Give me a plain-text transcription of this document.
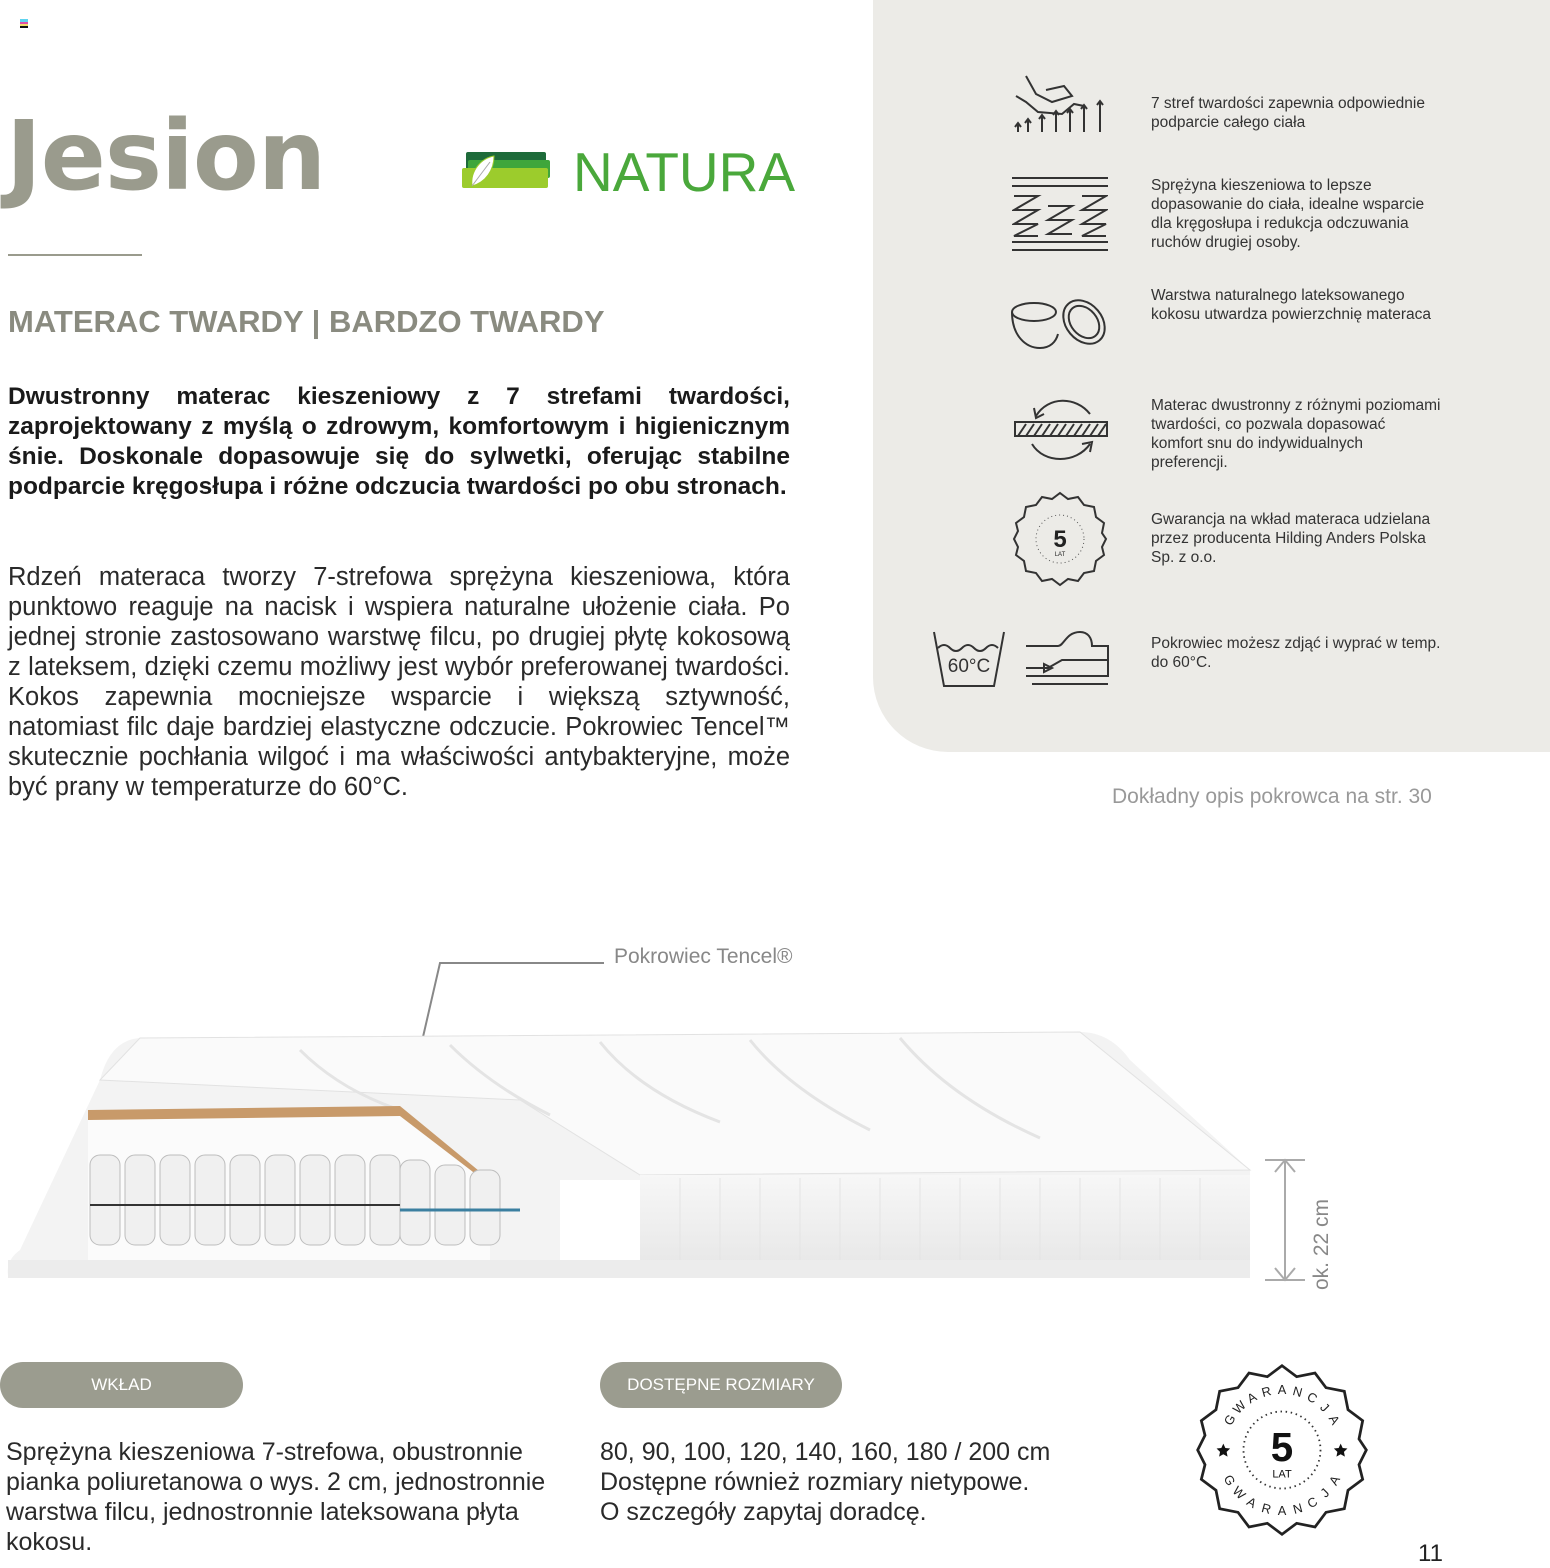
Jesion	NATURA
MATERAC TWARDY | BARDZO TWARDY

Dwustronny materac kieszeniowy z 7 strefami twardości, zaprojektowany z myślą o zdrowym, komfortowym i higienicznym śnie. Doskonale dopasowuje się do sylwetki, oferując stabilne podparcie kręgosłupa i różne odczucia twardości po obu stronach.

Rdzeń materaca tworzy 7-strefowa sprężyna kieszeniowa, która punktowo reaguje na nacisk i wspiera naturalne ułożenie ciała. Po jednej stronie zastosowano warstwę filcu, po drugiej płytę kokosową z lateksem, dzięki czemu możliwy jest wybór preferowanej twardości. Kokos zapewnia mocniejsze wsparcie i większą sztywność, natomiast filc daje bardziej elastyczne odczucie. Pokrowiec Tencel™ skutecznie pochłania wilgoć i ma właściwości antybakteryjne, może być prany w temperaturze do 60°C.

7 stref twardości zapewnia odpowiednie podparcie całego ciała
Sprężyna kieszeniowa to lepsze dopasowanie do ciała, idealne wsparcie dla kręgosłupa i redukcja odczuwania ruchów drugiej osoby.
Warstwa naturalnego lateksowanego kokosu utwardza powierzchnię materaca
Materac dwustronny z różnymi poziomami twardości, co pozwala dopasować komfort snu do indywidualnych preferencji.
5
LAT
Gwarancja na wkład materaca udzielana przez producenta Hilding Anders Polska Sp. z o.o.
60°C
Pokrowiec możesz zdjąć i wyprać w temp. do 60°C.
Dokładny opis pokrowca na str. 30
Pokrowiec Tencel®
ok. 22 cm
WKŁAD
Sprężyna kieszeniowa 7-strefowa, obustronnie pianka poliuretanowa o wys. 2 cm, jednostronnie warstwa filcu, jednostronnie lateksowana płyta kokosu.
DOSTĘPNE ROZMIARY
80, 90, 100, 120, 140, 160, 180 / 200 cm
Dostępne również rozmiary nietypowe.
O szczegóły zapytaj doradcę.
G
W
A R A N C
J
A
G
W
A R A N C
J
A
5
LAT
11
